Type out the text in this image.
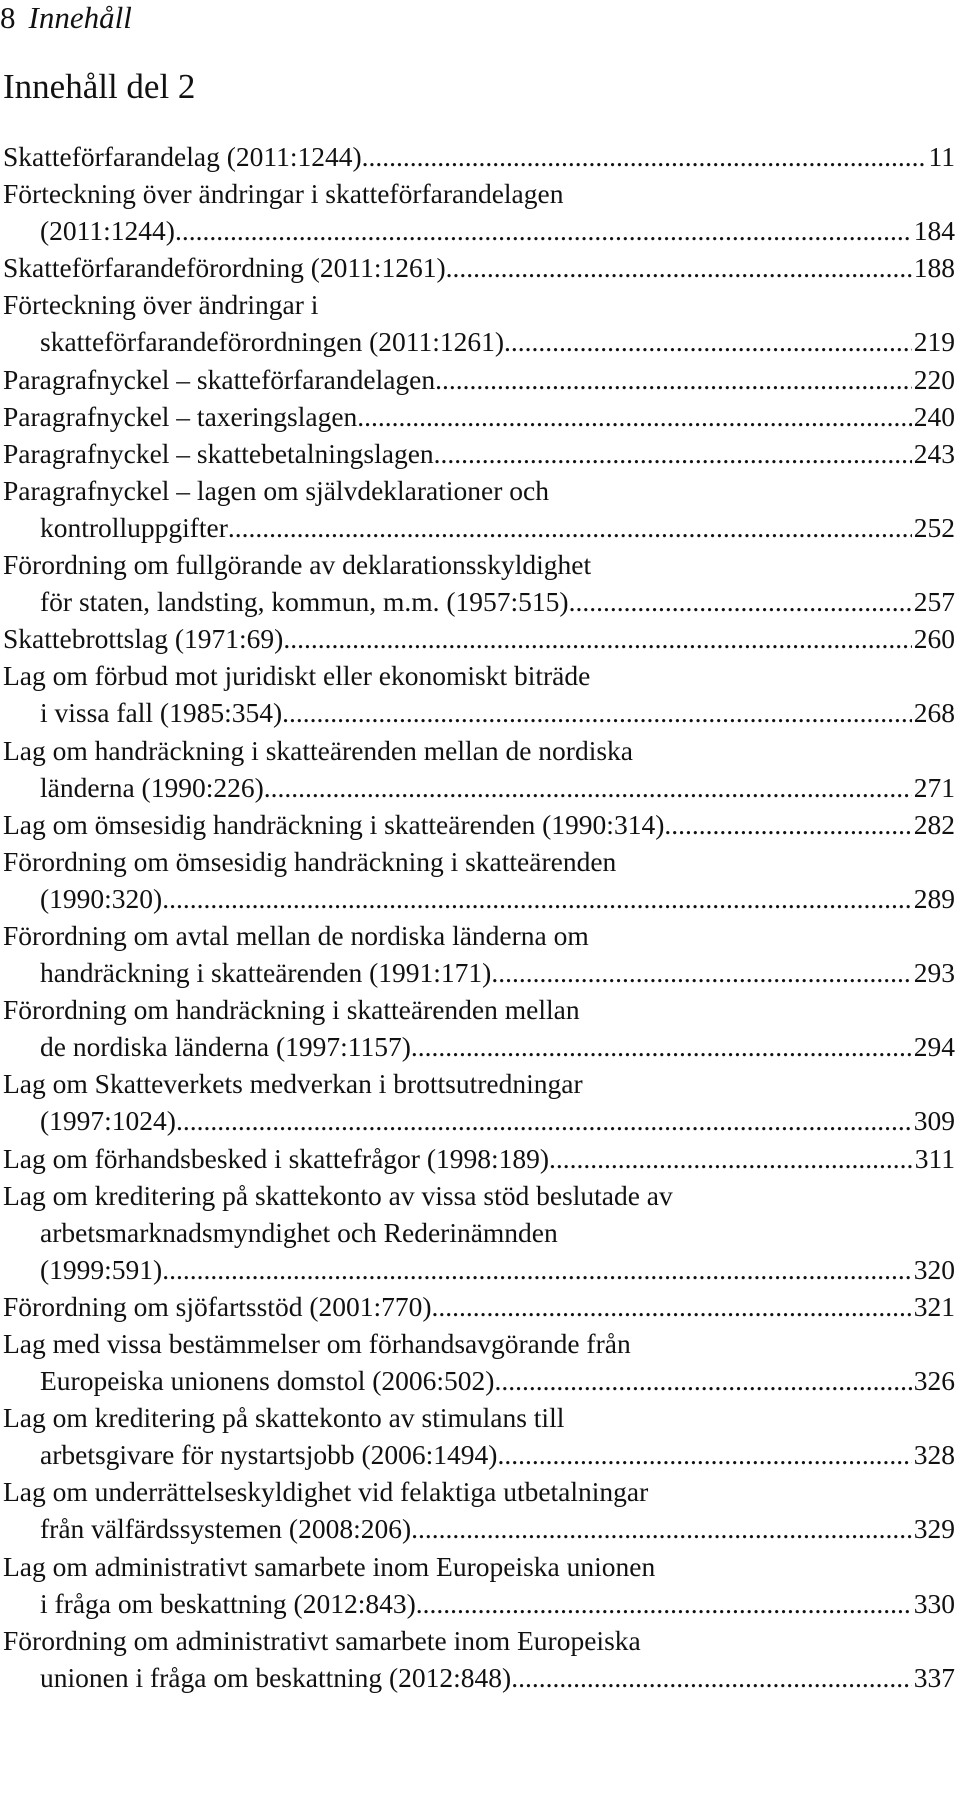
8 Innehåll
Innehåll del 2
Skatteförfarandelag (2011:1244) .....	11
Förteckning över ändringar i skatteförfarandelagen
(2011:1244) .....	184
Skatteförfarandeförordning (2011:1261) .....	188
Förteckning över ändringar i
skatteförfarandeförordningen (2011:1261) .....	219
Paragrafnyckel – skatteförfarandelagen .....	220
Paragrafnyckel – taxeringslagen .....	240
Paragrafnyckel – skattebetalningslagen .....	243
Paragrafnyckel – lagen om självdeklarationer och
kontrolluppgifter .....	252
Förordning om fullgörande av deklarationsskyldighet
för staten, landsting, kommun, m.m. (1957:515) .....	257
Skattebrottslag (1971:69) .....	260
Lag om förbud mot juridiskt eller ekonomiskt biträde
i vissa fall (1985:354) .....	268
Lag om handräckning i skatteärenden mellan de nordiska
länderna (1990:226) .....	271
Lag om ömsesidig handräckning i skatteärenden (1990:314) .....	282
Förordning om ömsesidig handräckning i skatteärenden
(1990:320) .....	289
Förordning om avtal mellan de nordiska länderna om
handräckning i skatteärenden (1991:171) .....	293
Förordning om handräckning i skatteärenden mellan
de nordiska länderna (1997:1157) .....	294
Lag om Skatteverkets medverkan i brottsutredningar
(1997:1024) .....	309
Lag om förhandsbesked i skattefrågor (1998:189) .....	311
Lag om kreditering på skattekonto av vissa stöd beslutade av
arbetsmarknadsmyndighet och Rederinämnden
(1999:591) .....	320
Förordning om sjöfartsstöd (2001:770) .....	321
Lag med vissa bestämmelser om förhandsavgörande från
Europeiska unionens domstol (2006:502) .....	326
Lag om kreditering på skattekonto av stimulans till
arbetsgivare för nystartsjobb (2006:1494) .....	328
Lag om underrättelseskyldighet vid felaktiga utbetalningar
från välfärdssystemen (2008:206) .....	329
Lag om administrativt samarbete inom Europeiska unionen
i fråga om beskattning (2012:843) .....	330
Förordning om administrativt samarbete inom Europeiska
unionen i fråga om beskattning (2012:848) .....	337
